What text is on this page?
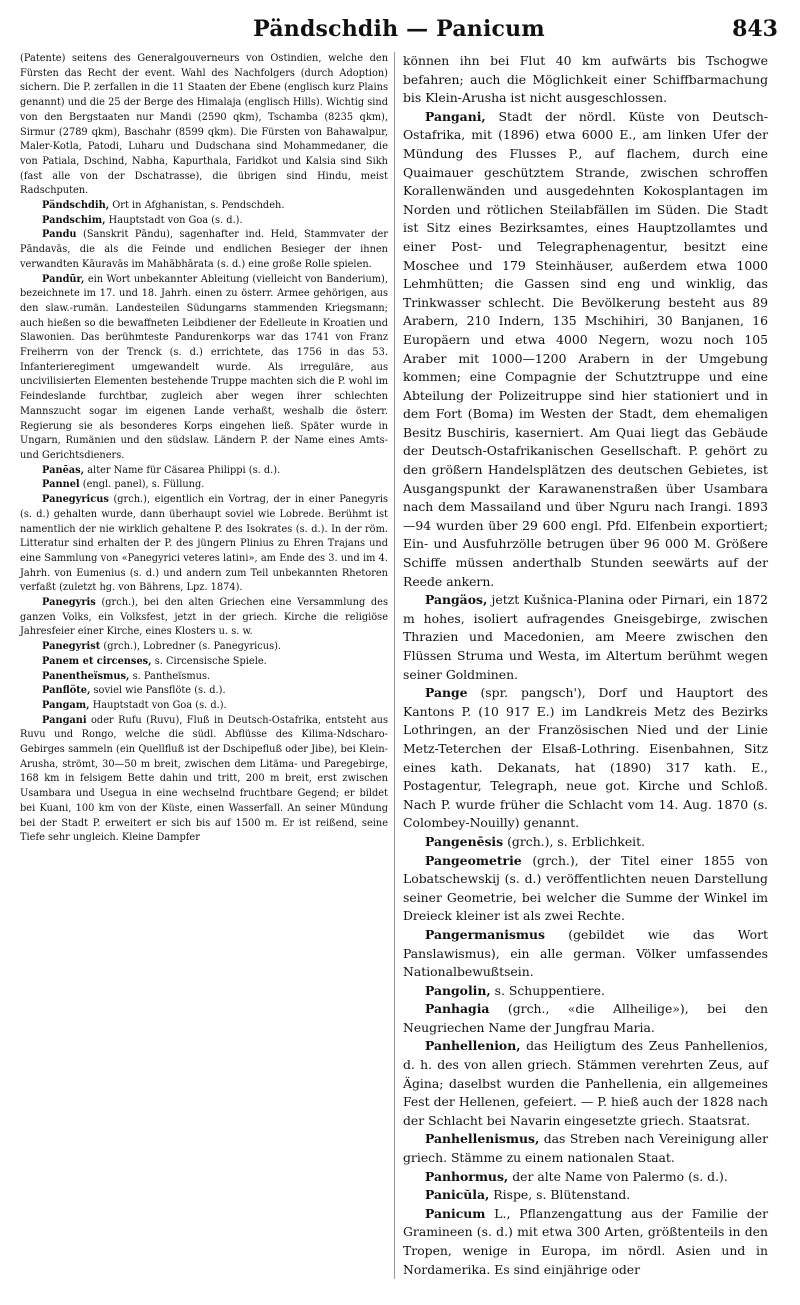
Pändschdih — Panicum	843

(Patente) seitens des Generalgouverneurs von Ostindien, welche den Fürsten das Recht der event. Wahl des Nachfolgers (durch Adoption) sichern. Die P. zerfallen in die 11 Staaten der Ebene (englisch kurz Plains genannt) und die 25 der Berge des Himalaja (englisch Hills). Wichtig sind von den Bergstaaten nur Mandi (2590 qkm), Tschamba (8235 qkm), Sirmur (2789 qkm), Baschahr (8599 qkm). Die Fürsten von Bahawalpur, Maler-Kotla, Patodi, Luharu und Dudschana sind Mohammedaner, die von Patiala, Dschind, Nabha, Kapurthala, Faridkot und Kalsia sind Sikh (fast alle von der Dschatrasse), die übrigen sind Hindu, meist Radschputen.

Pändschdih, Ort in Afghanistan, s. Pendschdeh.

Pandschim, Hauptstadt von Goa (s. d.).

Pandu (Sanskrit Pāndu), sagenhafter ind. Held, Stammvater der Pāndavās, die als die Feinde und endlichen Besieger der ihnen verwandten Kāuravās im Mahābhārata (s. d.) eine große Rolle spielen.

Pandūr, ein Wort unbekannter Ableitung (vielleicht von Banderium), bezeichnete im 17. und 18. Jahrh. einen zu österr. Armee gehörigen, aus den slaw.-rumän. Landesteilen Südungarns stammenden Kriegsmann; auch hießen so die bewaffneten Leibdiener der Edelleute in Kroatien und Slawonien. Das berühmteste Pandurenkorps war das 1741 von Franz Freiherrn von der Trenck (s. d.) errichtete, das 1756 in das 53. Infanterieregiment umgewandelt wurde. Als irreguläre, aus uncivilisierten Elementen bestehende Truppe machten sich die P. wohl im Feindeslande furchtbar, zugleich aber wegen ihrer schlechten Mannszucht sogar im eigenen Lande verhaßt, weshalb die österr. Regierung sie als besonderes Korps eingehen ließ. Später wurde in Ungarn, Rumänien und den südslaw. Ländern P. der Name eines Amts- und Gerichtsdieners.

Panēas, alter Name für Cäsarea Philippi (s. d.).

Pannel (engl. panel), s. Füllung.

Panegyricus (grch.), eigentlich ein Vortrag, der in einer Panegyris (s. d.) gehalten wurde, dann überhaupt soviel wie Lobrede. Berühmt ist namentlich der nie wirklich gehaltene P. des Isokrates (s. d.). In der röm. Litteratur sind erhalten der P. des jüngern Plinius zu Ehren Trajans und eine Sammlung von «Panegyrici veteres latini», am Ende des 3. und im 4. Jahrh. von Eumenius (s. d.) und andern zum Teil unbekannten Rhetoren verfaßt (zuletzt hg. von Bährens, Lpz. 1874).

Panegyris (grch.), bei den alten Griechen eine Versammlung des ganzen Volks, ein Volksfest, jetzt in der griech. Kirche die religiöse Jahresfeier einer Kirche, eines Klosters u. s. w.

Panegyrist (grch.), Lobredner (s. Panegyricus).

Panem et circenses, s. Circensische Spiele.

Panentheïsmus, s. Pantheïsmus.

Panflöte, soviel wie Pansflöte (s. d.).

Pangam, Hauptstadt von Goa (s. d.).

Pangani oder Rufu (Ruvu), Fluß in Deutsch-Ostafrika, entsteht aus Ruvu und Rongo, welche die südl. Abflüsse des Kilima-Ndscharo-Gebirges sammeln (ein Quellfluß ist der Dschipefluß oder Jibe), bei Klein-Arusha, strömt, 30—50 m breit, zwischen dem Litäma- und Paregebirge, 168 km in felsigem Bette dahin und tritt, 200 m breit, erst zwischen Usambara und Usegua in eine wechselnd fruchtbare Gegend; er bildet bei Kuani, 100 km von der Küste, einen Wasserfall. An seiner Mündung bei der Stadt P. erweitert er sich bis auf 1500 m. Er ist reißend, seine Tiefe sehr ungleich. Kleine Dampfer

können ihn bei Flut 40 km aufwärts bis Tschogwe befahren; auch die Möglichkeit einer Schiffbarmachung bis Klein-Arusha ist nicht ausgeschlossen.

Pangani, Stadt der nördl. Küste von Deutsch-Ostafrika, mit (1896) etwa 6000 E., am linken Ufer der Mündung des Flusses P., auf flachem, durch eine Quaimauer geschütztem Strande, zwischen schroffen Korallenwänden und ausgedehnten Kokosplantagen im Norden und rötlichen Steilabfällen im Süden. Die Stadt ist Sitz eines Bezirksamtes, eines Hauptzollamtes und einer Post- und Telegraphenagentur, besitzt eine Moschee und 179 Steinhäuser, außerdem etwa 1000 Lehmhütten; die Gassen sind eng und winklig, das Trinkwasser schlecht. Die Bevölkerung besteht aus 89 Arabern, 210 Indern, 135 Mschihiri, 30 Banjanen, 16 Europäern und etwa 4000 Negern, wozu noch 105 Araber mit 1000—1200 Arabern in der Umgebung kommen; eine Compagnie der Schutztruppe und eine Abteilung der Polizeitruppe sind hier stationiert und in dem Fort (Boma) im Westen der Stadt, dem ehemaligen Besitz Buschiris, kaserniert. Am Quai liegt das Gebäude der Deutsch-Ostafrikanischen Gesellschaft. P. gehört zu den größern Handelsplätzen des deutschen Gebietes, ist Ausgangspunkt der Karawanenstraßen über Usambara nach dem Massailand und über Nguru nach Irangi. 1893—94 wurden über 29 600 engl. Pfd. Elfenbein exportiert; Ein- und Ausfuhrzölle betrugen über 96 000 M. Größere Schiffe müssen anderthalb Stunden seewärts auf der Reede ankern.

Pangäos, jetzt Kušnica-Planina oder Pirnari, ein 1872 m hohes, isoliert aufragendes Gneisgebirge, zwischen Thrazien und Macedonien, am Meere zwischen den Flüssen Struma und Westa, im Altertum berühmt wegen seiner Goldminen.

Pange (spr. pangsch'), Dorf und Hauptort des Kantons P. (10 917 E.) im Landkreis Metz des Bezirks Lothringen, an der Französischen Nied und der Linie Metz-Teterchen der Elsaß-Lothring. Eisenbahnen, Sitz eines kath. Dekanats, hat (1890) 317 kath. E., Postagentur, Telegraph, neue got. Kirche und Schloß. Nach P. wurde früher die Schlacht vom 14. Aug. 1870 (s. Colombey-Nouilly) genannt.

Pangenēsis (grch.), s. Erblichkeit.

Pangeometrie (grch.), der Titel einer 1855 von Lobatschewskij (s. d.) veröffentlichten neuen Darstellung seiner Geometrie, bei welcher die Summe der Winkel im Dreieck kleiner ist als zwei Rechte.

Pangermanismus (gebildet wie das Wort Panslawismus), ein alle german. Völker umfassendes Nationalbewußtsein.

Pangolin, s. Schuppentiere.

Panhagia (grch., «die Allheilige»), bei den Neugriechen Name der Jungfrau Maria.

Panhellenion, das Heiligtum des Zeus Panhellenios, d. h. des von allen griech. Stämmen verehrten Zeus, auf Ägina; daselbst wurden die Panhellenia, ein allgemeines Fest der Hellenen, gefeiert. — P. hieß auch der 1828 nach der Schlacht bei Navarin eingesetzte griech. Staatsrat.

Panhellenismus, das Streben nach Vereinigung aller griech. Stämme zu einem nationalen Staat.

Panhormus, der alte Name von Palermo (s. d.).

Panicŭla, Rispe, s. Blütenstand.

Panicum L., Pflanzengattung aus der Familie der Gramineen (s. d.) mit etwa 300 Arten, größtenteils in den Tropen, wenige in Europa, im nördl. Asien und in Nordamerika. Es sind einjährige oder
